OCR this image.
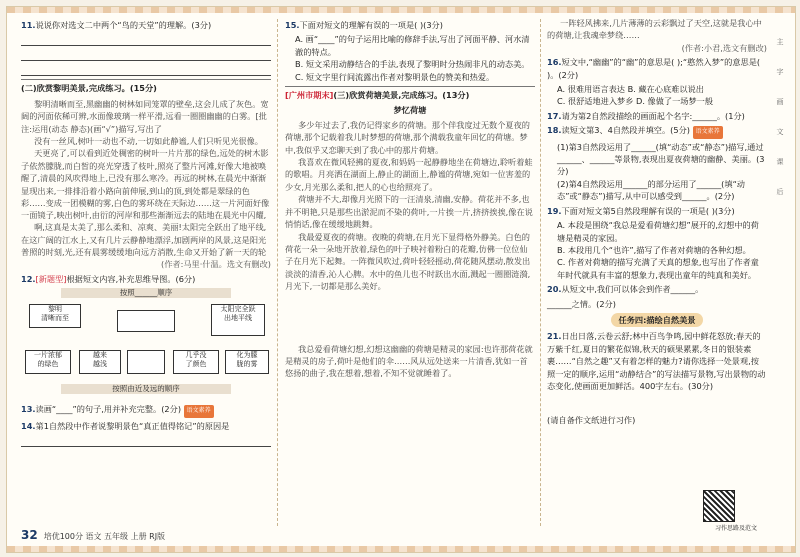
11.说说你对选文二中两个“鸟的天堂”的理解。(3分)
(二)欣赏黎明美景,完成练习。(15分)

黎明清晰而至,黑幽幽的树林如同笼罩的壁垒,这会儿成了灰色。宽阔的河面依稀可辨,水面像玻璃一样平滑,远看一圈圈幽幽的白雾。[批注:运用(动态 静态)(画“√”)描写,写出了

没有一丝风,树叶一动也不动,一切如此静谧,人们只听见光很像。

天更亮了,可以看到近处稠密的树叶一片片那的绿色,远处的树木影子依然朦胧,而白皙的亮光穿透了枝叶,照亮了整片河滩,好像大地被唤醒了,清晨的风吹得地上,已没有那么寒冷。再远的树林,在晨光中渐渐显现出来,一排排沿着小路向前伸展,到山的顶,到处都是翠绿的色彩……变成一团模糊的雾,白色的雾环绕在天际边……这一片河面好像一面镜子,映出树叶,由衍的河岸和那些渐渐远去的陆地在晨光中闪耀,

啊,这真是太美了,那么柔和、凉爽、美丽!太阳完全跃出了地平线,在这广阔的江水上,又有几片云静静地漂浮,加剧两岸的风景,这是阳光普照的时刻,光,还有晨雾缓缓地向远方消散,生命又开始了新一天的轮

(作者:马里·什温。选文有删改)
12.[新题型]根据短文内容,补充思维导图。(6分)
按照______顺序
黎明
清晰而至
太阳完全跃
出地平线
一片浓郁
的绿色
越来
越浅
几乎没
了颜色
化为朦
胧的雾
按照由近及远的顺序
13.读画“____”的句子,用并补充完整。(2分) 语文素养
14.第1自然段中作者说黎明景色“真正值得铭记”的原因是
15.下面对短文的理解有误的一项是( )(3分)
A. 画“____”的句子运用比喻的修辞手法,写出了河面平静、河水清澈的特点。
B. 短文采用动静结合的手法,表现了黎明时分热闹非凡的动态美。
C. 短文字里行间流露出作者对黎明景色的赞美和热爱。
[广州市期末](三)欣赏荷塘美景,完成练习。(13分)
梦忆荷塘

多少年过去了,我仍记得家乡的荷塘。那个伴我度过无数个夏夜的荷塘,那个记载着我儿时梦想的荷塘,那个满载我童年回忆的荷塘。梦中,我似乎又恋聊天到了我心中的那片荷塘。

我喜欢在微风轻拂的夏夜,和妈妈一起静静地坐在荷塘边,聆听着蛙的歌唱。月亮洒在湖面上,静止的湖面上,静谧的荷塘,宛如一位害羞的少女,月光那么柔和,把人的心也给照亮了。

荷塘并不大,却像月光照下的一汪清泉,清幽,安静。荷花并不多,也并不明艳,只是那些出淤泥而不染的荷叶,一片挨一片,挤挤挨挨,像在说悄悄话,像在缓缓地跳舞。

我最爱夏夜的荷塘。夜晚的荷塘,在月光下显得格外静美。白色的荷花一朵一朵地开放着,绿色的叶子映衬着粉白的花瓣,仿佛一位位仙子在月光下起舞。一阵微风吹过,荷叶轻轻摇动,荷花随风摆动,散发出淡淡的清香,沁人心脾。水中的鱼儿也不时跃出水面,溅起一圈圈涟漪,月光下,一切都是那么美好。

我总爱看荷塘幻想,幻想这幽幽的荷塘是精灵的家园:也许那荷花就是精灵的房子,荷叶是他们的伞……风从远处送来一片清香,犹如一首悠扬的曲子,我在想着,想着,不知不觉就睡着了。

一阵轻风拂来,几片薄薄的云彩飘过了天空,这就是我心中的荷塘,让我魂牵梦绕……

(作者:小君,选文有删改)
16.短文中,“幽幽”的“幽”的意思是( );“憨然入梦”的意思是( )。(2分)
A. 很难用语言表达 B. 藏在心底难以说出
C. 很舒适地进入梦乡 D. 像做了一场梦一般
17.请为第2自然段描绘的画面起个名字:______。(1分)
18.读短文第3、4自然段并填空。(5分) 语文素养
(1)第3自然段运用了______(填“动态”或“静态”)描写,通过______、______等景物,表现出夏夜荷塘的幽静、美丽。(3分)
(2)第4自然段运用______的部分运用了______(填“动态”或“静态”)描写,从中可以感受到______。(2分)
19.下面对短文第5自然段理解有误的一项是( )(3分)
A. 本段是围绕“我总是爱看荷塘幻想”展开的,幻想中的荷塘是精灵的家园。
B. 本段用几个“也许”,描写了作者对荷塘的各种幻想。
C. 作者对荷塘的描写充满了天真的想象,也写出了作者童年时代就具有丰富的想象力,表现出童年的纯真和美好。
20.从短文中,我们可以体会到作者______。
______之情。(2分)
任务四:描绘自然美景
21.日出日落,云卷云舒;林中百鸟争鸣,园中鲜花怒放;春天的万紫千红,夏日的繁花似锦,秋天的硕果累累,冬日的银装素裹……“自然之趣”又有着怎样的魅力?请你选择一处景观,按照一定的顺序,运用“动静结合”的写法描写景物,写出景物的动态变化,使画面更加鲜活。400字左右。(30分)
(请自备作文纸进行习作)
习作思路及范文
主
字
画
文
课
后
32 培优100分 语文 五年级 上册 RJ版
